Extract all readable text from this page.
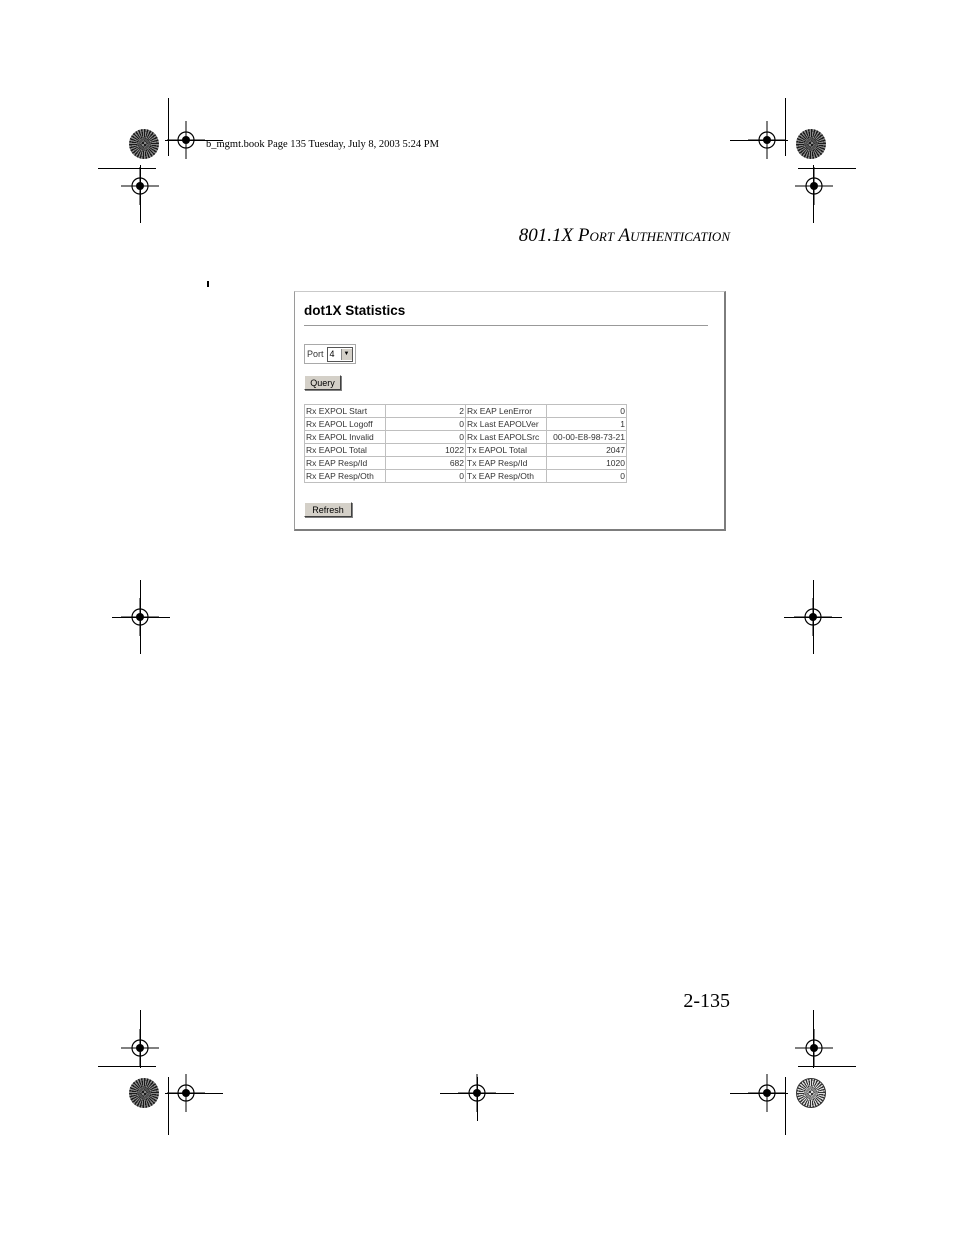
b_mgmt.book Page 135 Tuesday, July 8, 2003 5:24 PM
801.1X PORT AUTHENTICATION
dot1X Statistics
Port 4	▼
Query
Rx EXPOL Start	2	Rx EAP LenError	0
Rx EAPOL Logoff	0	Rx Last EAPOLVer	1
Rx EAPOL Invalid	0	Rx Last EAPOLSrc	00-00-E8-98-73-21
Rx EAPOL Total	1022	Tx EAPOL Total	2047
Rx EAP Resp/Id	682	Tx EAP Resp/Id	1020
Rx EAP Resp/Oth	0	Tx EAP Resp/Oth	0
Refresh
2-135
